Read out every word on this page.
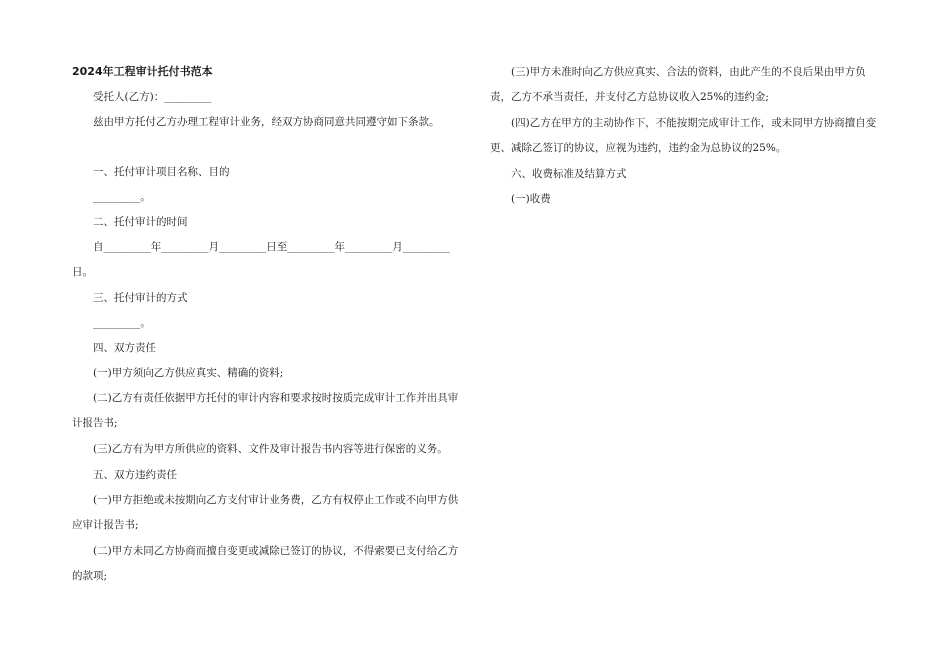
2024年工程审计托付书范本
受托人(乙方)：_________
兹由甲方托付乙方办理工程审计业务，经双方协商同意共同遵守如下条款。
一、托付审计项目名称、目的
_________。
二、托付审计的时间
自_________年_________月_________日至_________年_________月_________日。
三、托付审计的方式
_________。
四、双方责任
(一)甲方须向乙方供应真实、精确的资料;
(二)乙方有责任依据甲方托付的审计内容和要求按时按质完成审计工作并出具审计报告书;
(三)乙方有为甲方所供应的资料、文件及审计报告书内容等进行保密的义务。
五、双方违约责任
(一)甲方拒绝或未按期向乙方支付审计业务费，乙方有权停止工作或不向甲方供应审计报告书;
(二)甲方未同乙方协商而擅自变更或减除已签订的协议，不得索要已支付给乙方的款项;
(三)甲方未准时向乙方供应真实、合法的资料，由此产生的不良后果由甲方负责，乙方不承当责任，并支付乙方总协议收入25%的违约金;
(四)乙方在甲方的主动协作下，不能按期完成审计工作，或未同甲方协商擅自变更、减除乙签订的协议，应视为违约，违约金为总协议的25%。
六、收费标准及结算方式
(一)收费
